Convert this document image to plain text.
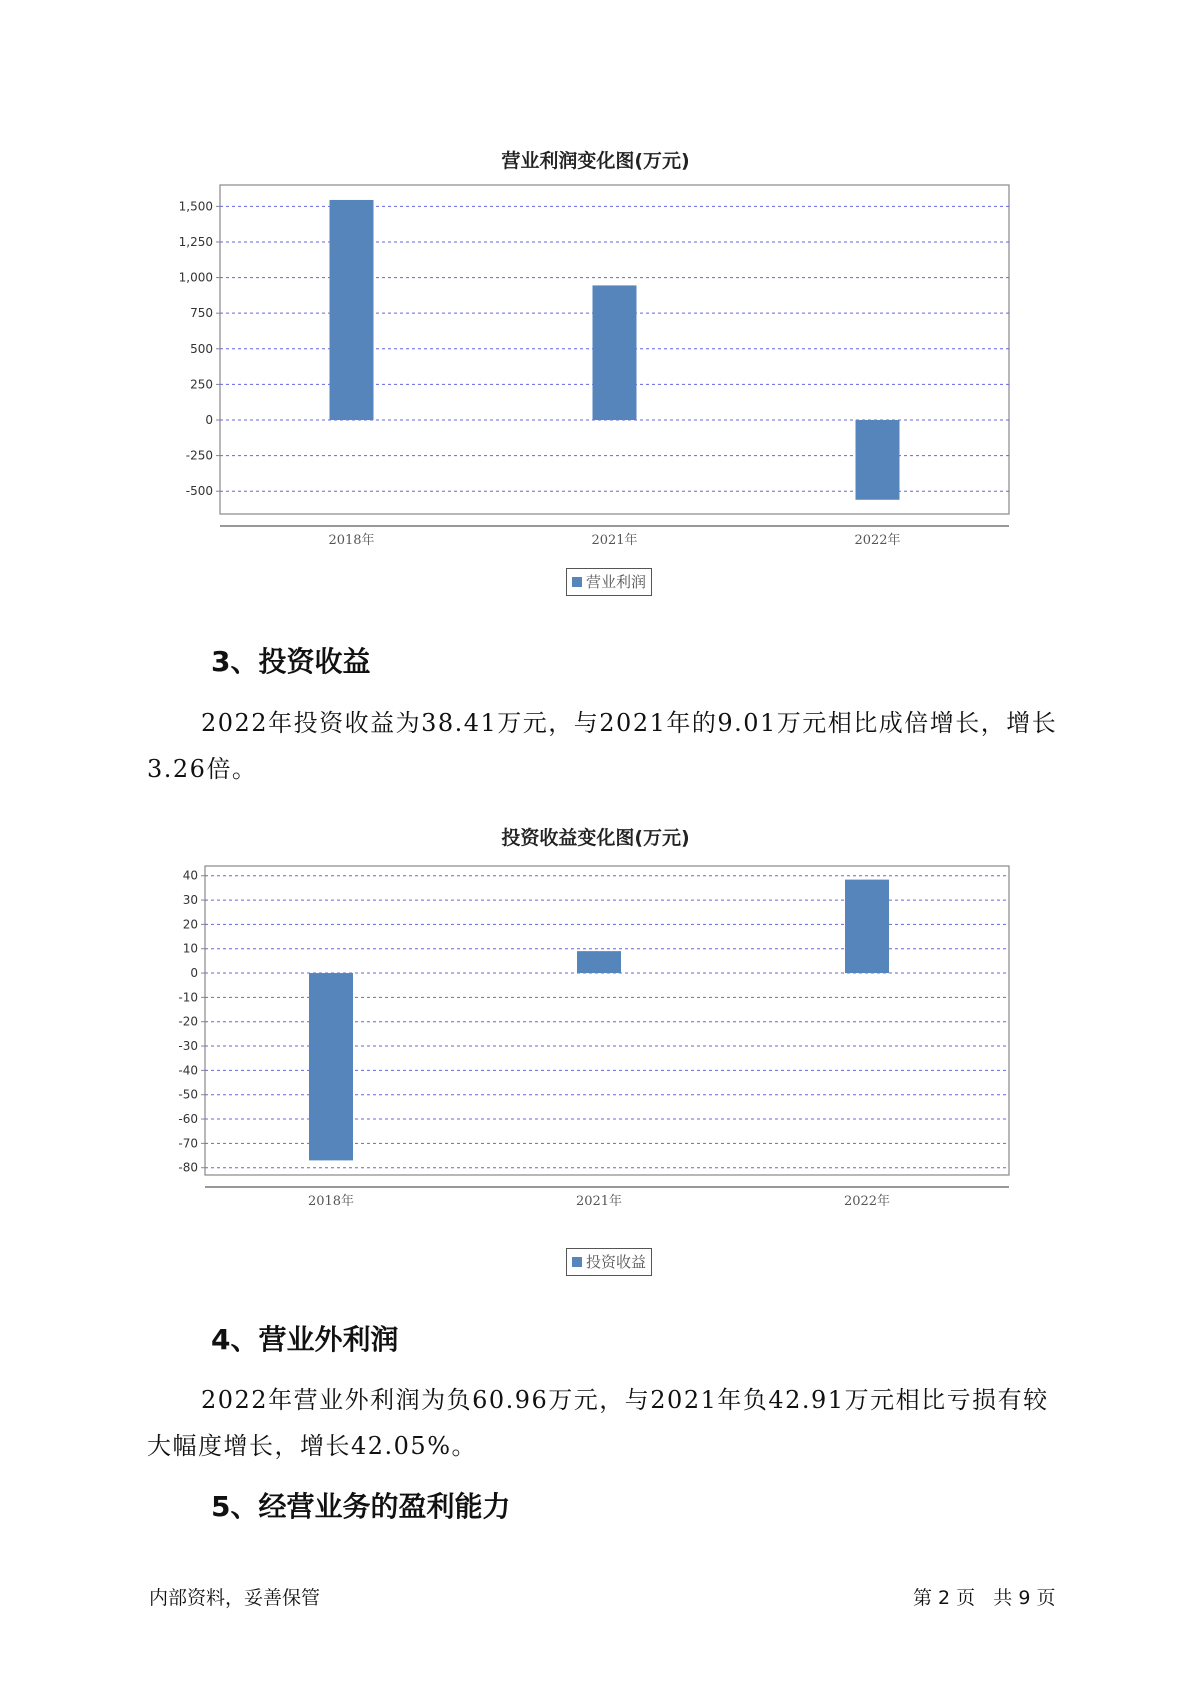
营业利润变化图(万元)
1,500
1,250
1,000
750
500
250
0
-250
-500
2018年	2021年	2022年
营业利润
3、投资收益

2022年投资收益为38.41万元，与2021年的9.01万元相比成倍增长，增长3.26倍。

投资收益变化图(万元)
40
30
20
10
0
-10
-20
-30
-40
-50
-60
-70
-80
2018年	2021年	2022年
投资收益
4、营业外利润

2022年营业外利润为负60.96万元，与2021年负42.91万元相比亏损有较大幅度增长，增长42.05%。

5、经营业务的盈利能力
内部资料，妥善保管	第 2 页   共 9 页
